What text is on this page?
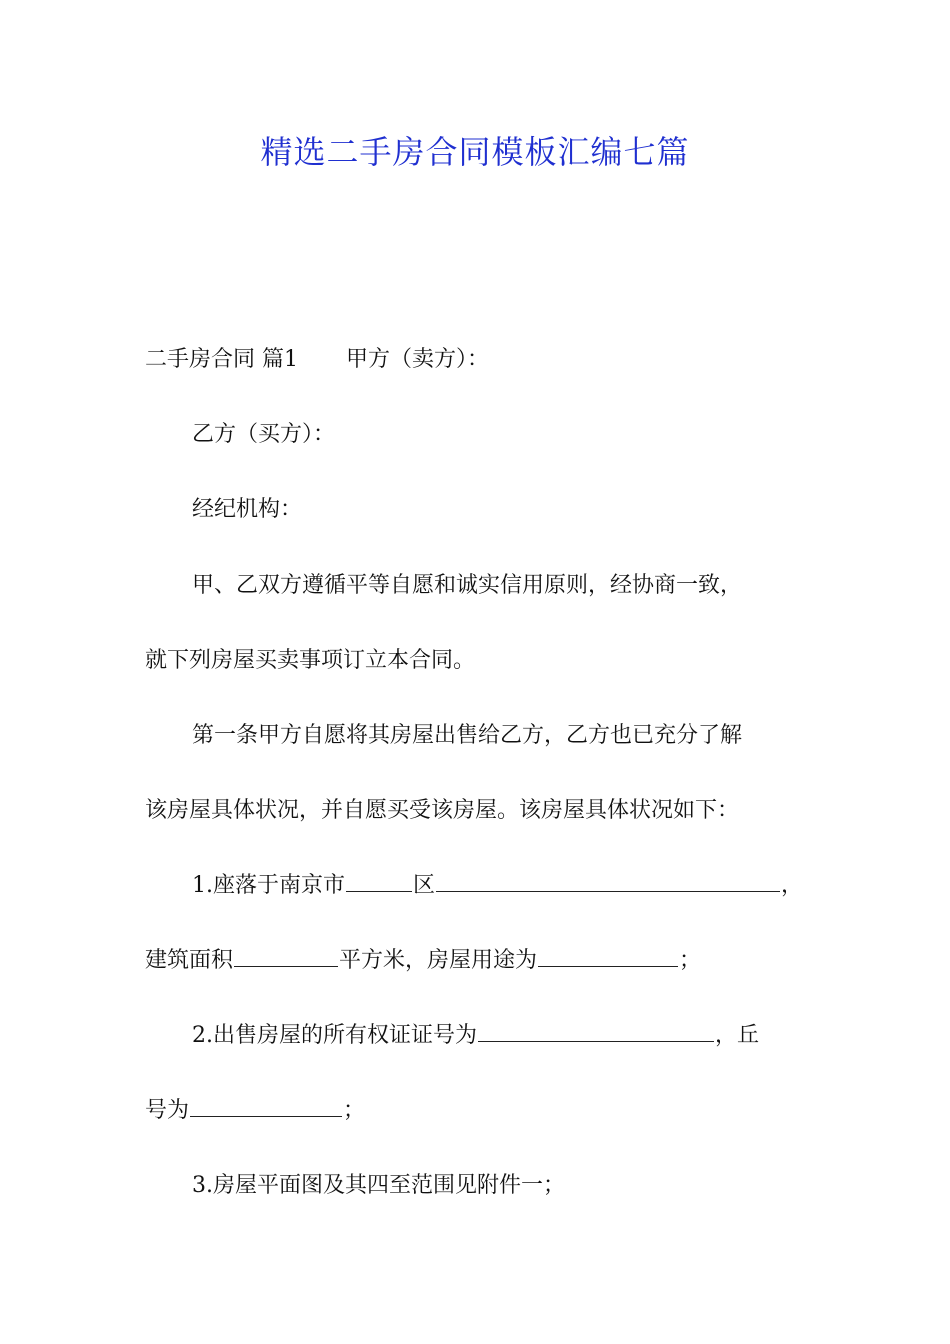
精选二手房合同模板汇编七篇
二手房合同 篇1 甲方（卖方）：
乙方（买方）：
经纪机构：
甲、乙双方遵循平等自愿和诚实信用原则，经协商一致，
就下列房屋买卖事项订立本合同。
第一条甲方自愿将其房屋出售给乙方，乙方也已充分了解
该房屋具体状况，并自愿买受该房屋。该房屋具体状况如下：
1.座落于南京市	区	，
建筑面积	平方米，房屋用途为	；
2.出售房屋的所有权证证号为	，丘
号为	；
3.房屋平面图及其四至范围见附件一；
